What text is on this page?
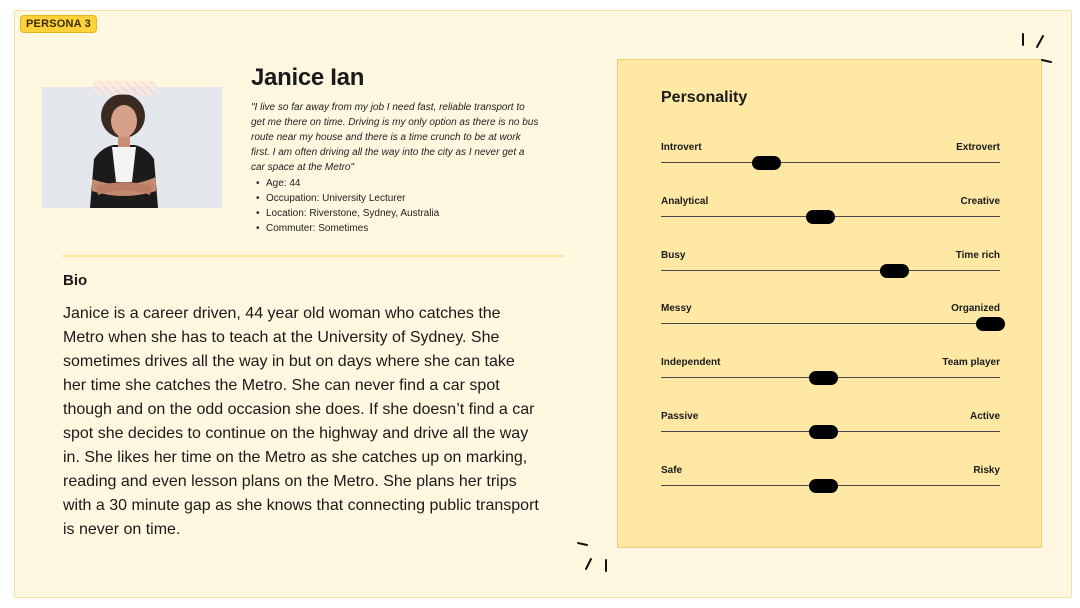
PERSONA 3
Janice Ian
"I live so far away from my job I need fast, reliable transport to get me there on time. Driving is my only option as there is no bus route near my house and there is a time crunch to be at work first. I am often driving all the way into the city as I never get a car space at the Metro"
• Age: 44
• Occupation: University Lecturer
• Location: Riverstone, Sydney, Australia
• Commuter: Sometimes
Bio
Janice is a career driven, 44 year old woman who catches the Metro when she has to teach at the University of Sydney. She sometimes drives all the way in but on days where she can take her time she catches the Metro. She can never find a car spot though and on the odd occasion she does. If she doesn’t find a car spot she decides to continue on the highway and drive all the way in. She likes her time on the Metro as she catches up on marking, reading and even lesson plans on the Metro. She plans her trips with a 30 minute gap as she knows that connecting public transport is never on time.
Personality
Introvert	Extrovert
Analytical	Creative
Busy	Time rich
Messy	Organized
Independent	Team player
Passive	Active
Safe	Risky
